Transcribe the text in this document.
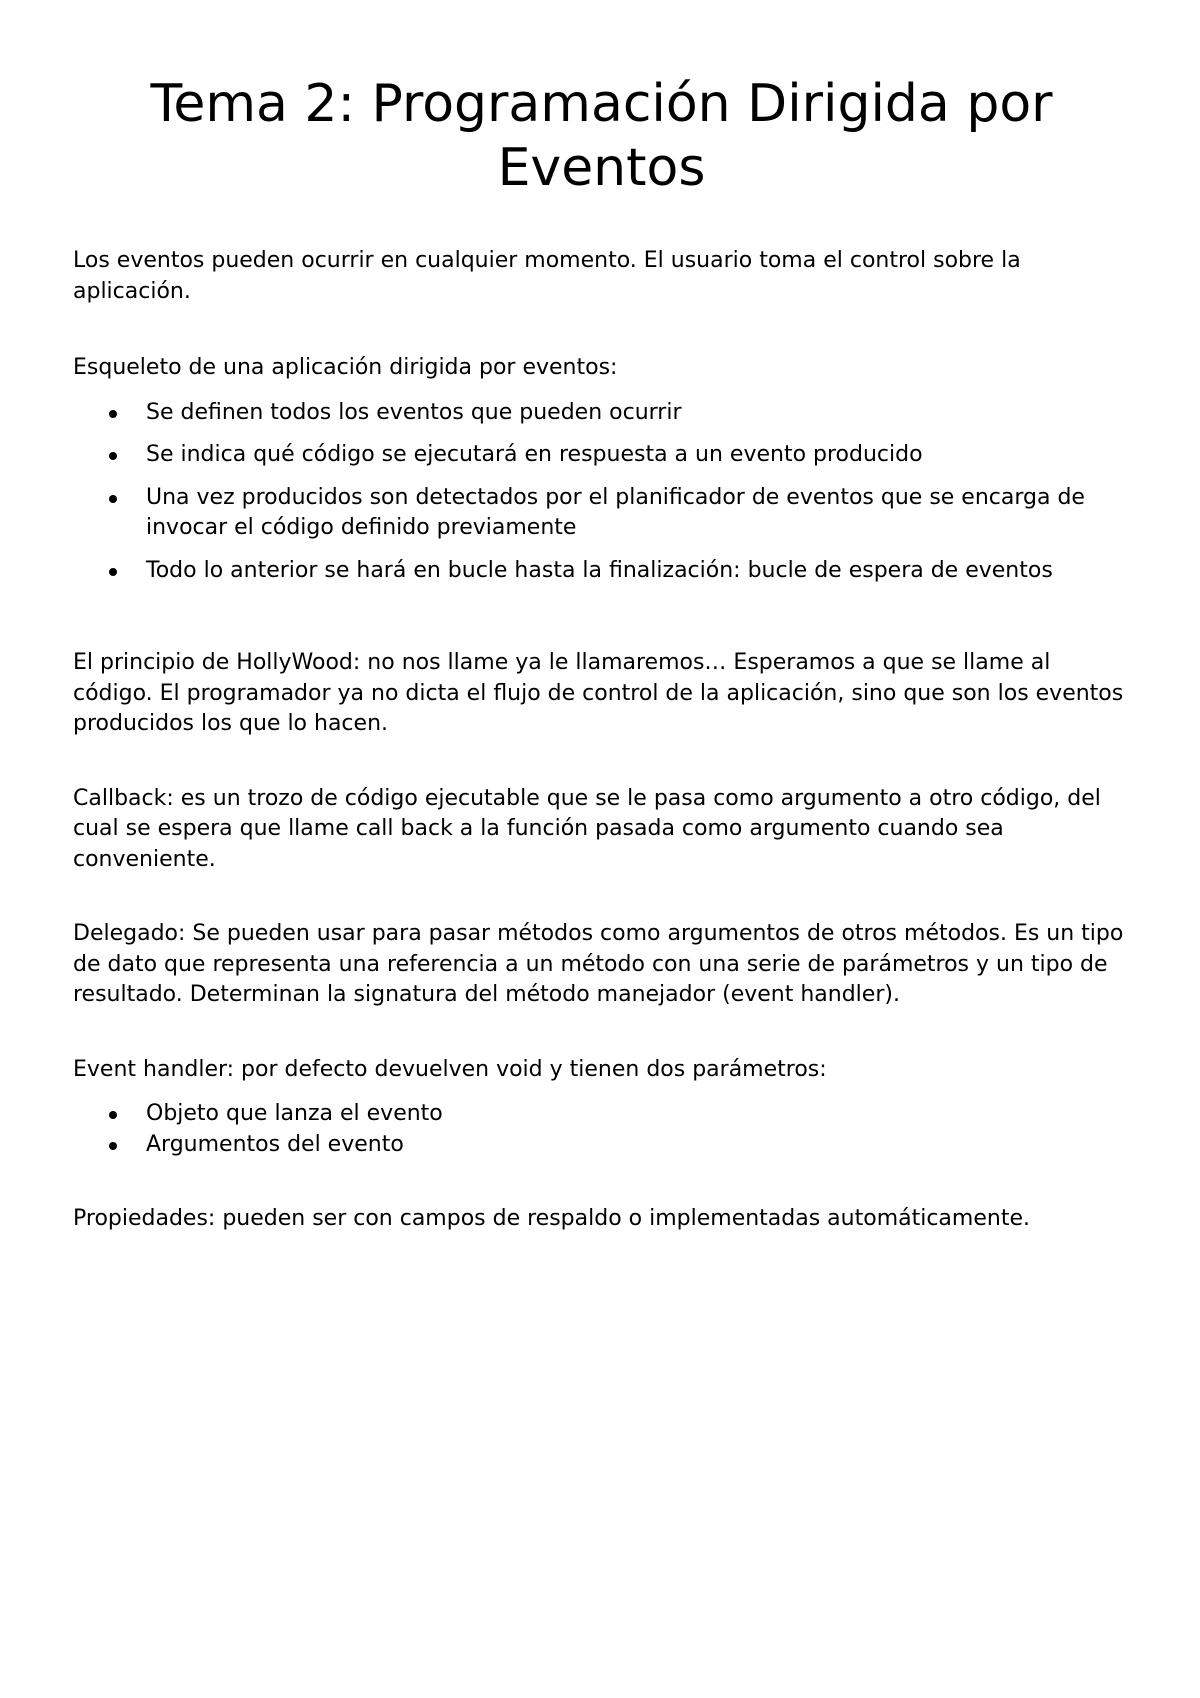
Tema 2: Programación Dirigida por Eventos

Los eventos pueden ocurrir en cualquier momento. El usuario toma el control sobre la aplicación.

Esqueleto de una aplicación dirigida por eventos:

Se definen todos los eventos que pueden ocurrir
Se indica qué código se ejecutará en respuesta a un evento producido
Una vez producidos son detectados por el planificador de eventos que se encarga de invocar el código definido previamente
Todo lo anterior se hará en bucle hasta la finalización: bucle de espera de eventos

El principio de HollyWood: no nos llame ya le llamaremos… Esperamos a que se llame al código. El programador ya no dicta el flujo de control de la aplicación, sino que son los eventos producidos los que lo hacen.

Callback: es un trozo de código ejecutable que se le pasa como argumento a otro código, del cual se espera que llame call back a la función pasada como argumento cuando sea conveniente.

Delegado: Se pueden usar para pasar métodos como argumentos de otros métodos. Es un tipo de dato que representa una referencia a un método con una serie de parámetros y un tipo de resultado. Determinan la signatura del método manejador (event handler).

Event handler: por defecto devuelven void y tienen dos parámetros:

Objeto que lanza el evento
Argumentos del evento

Propiedades: pueden ser con campos de respaldo o implementadas automáticamente.
